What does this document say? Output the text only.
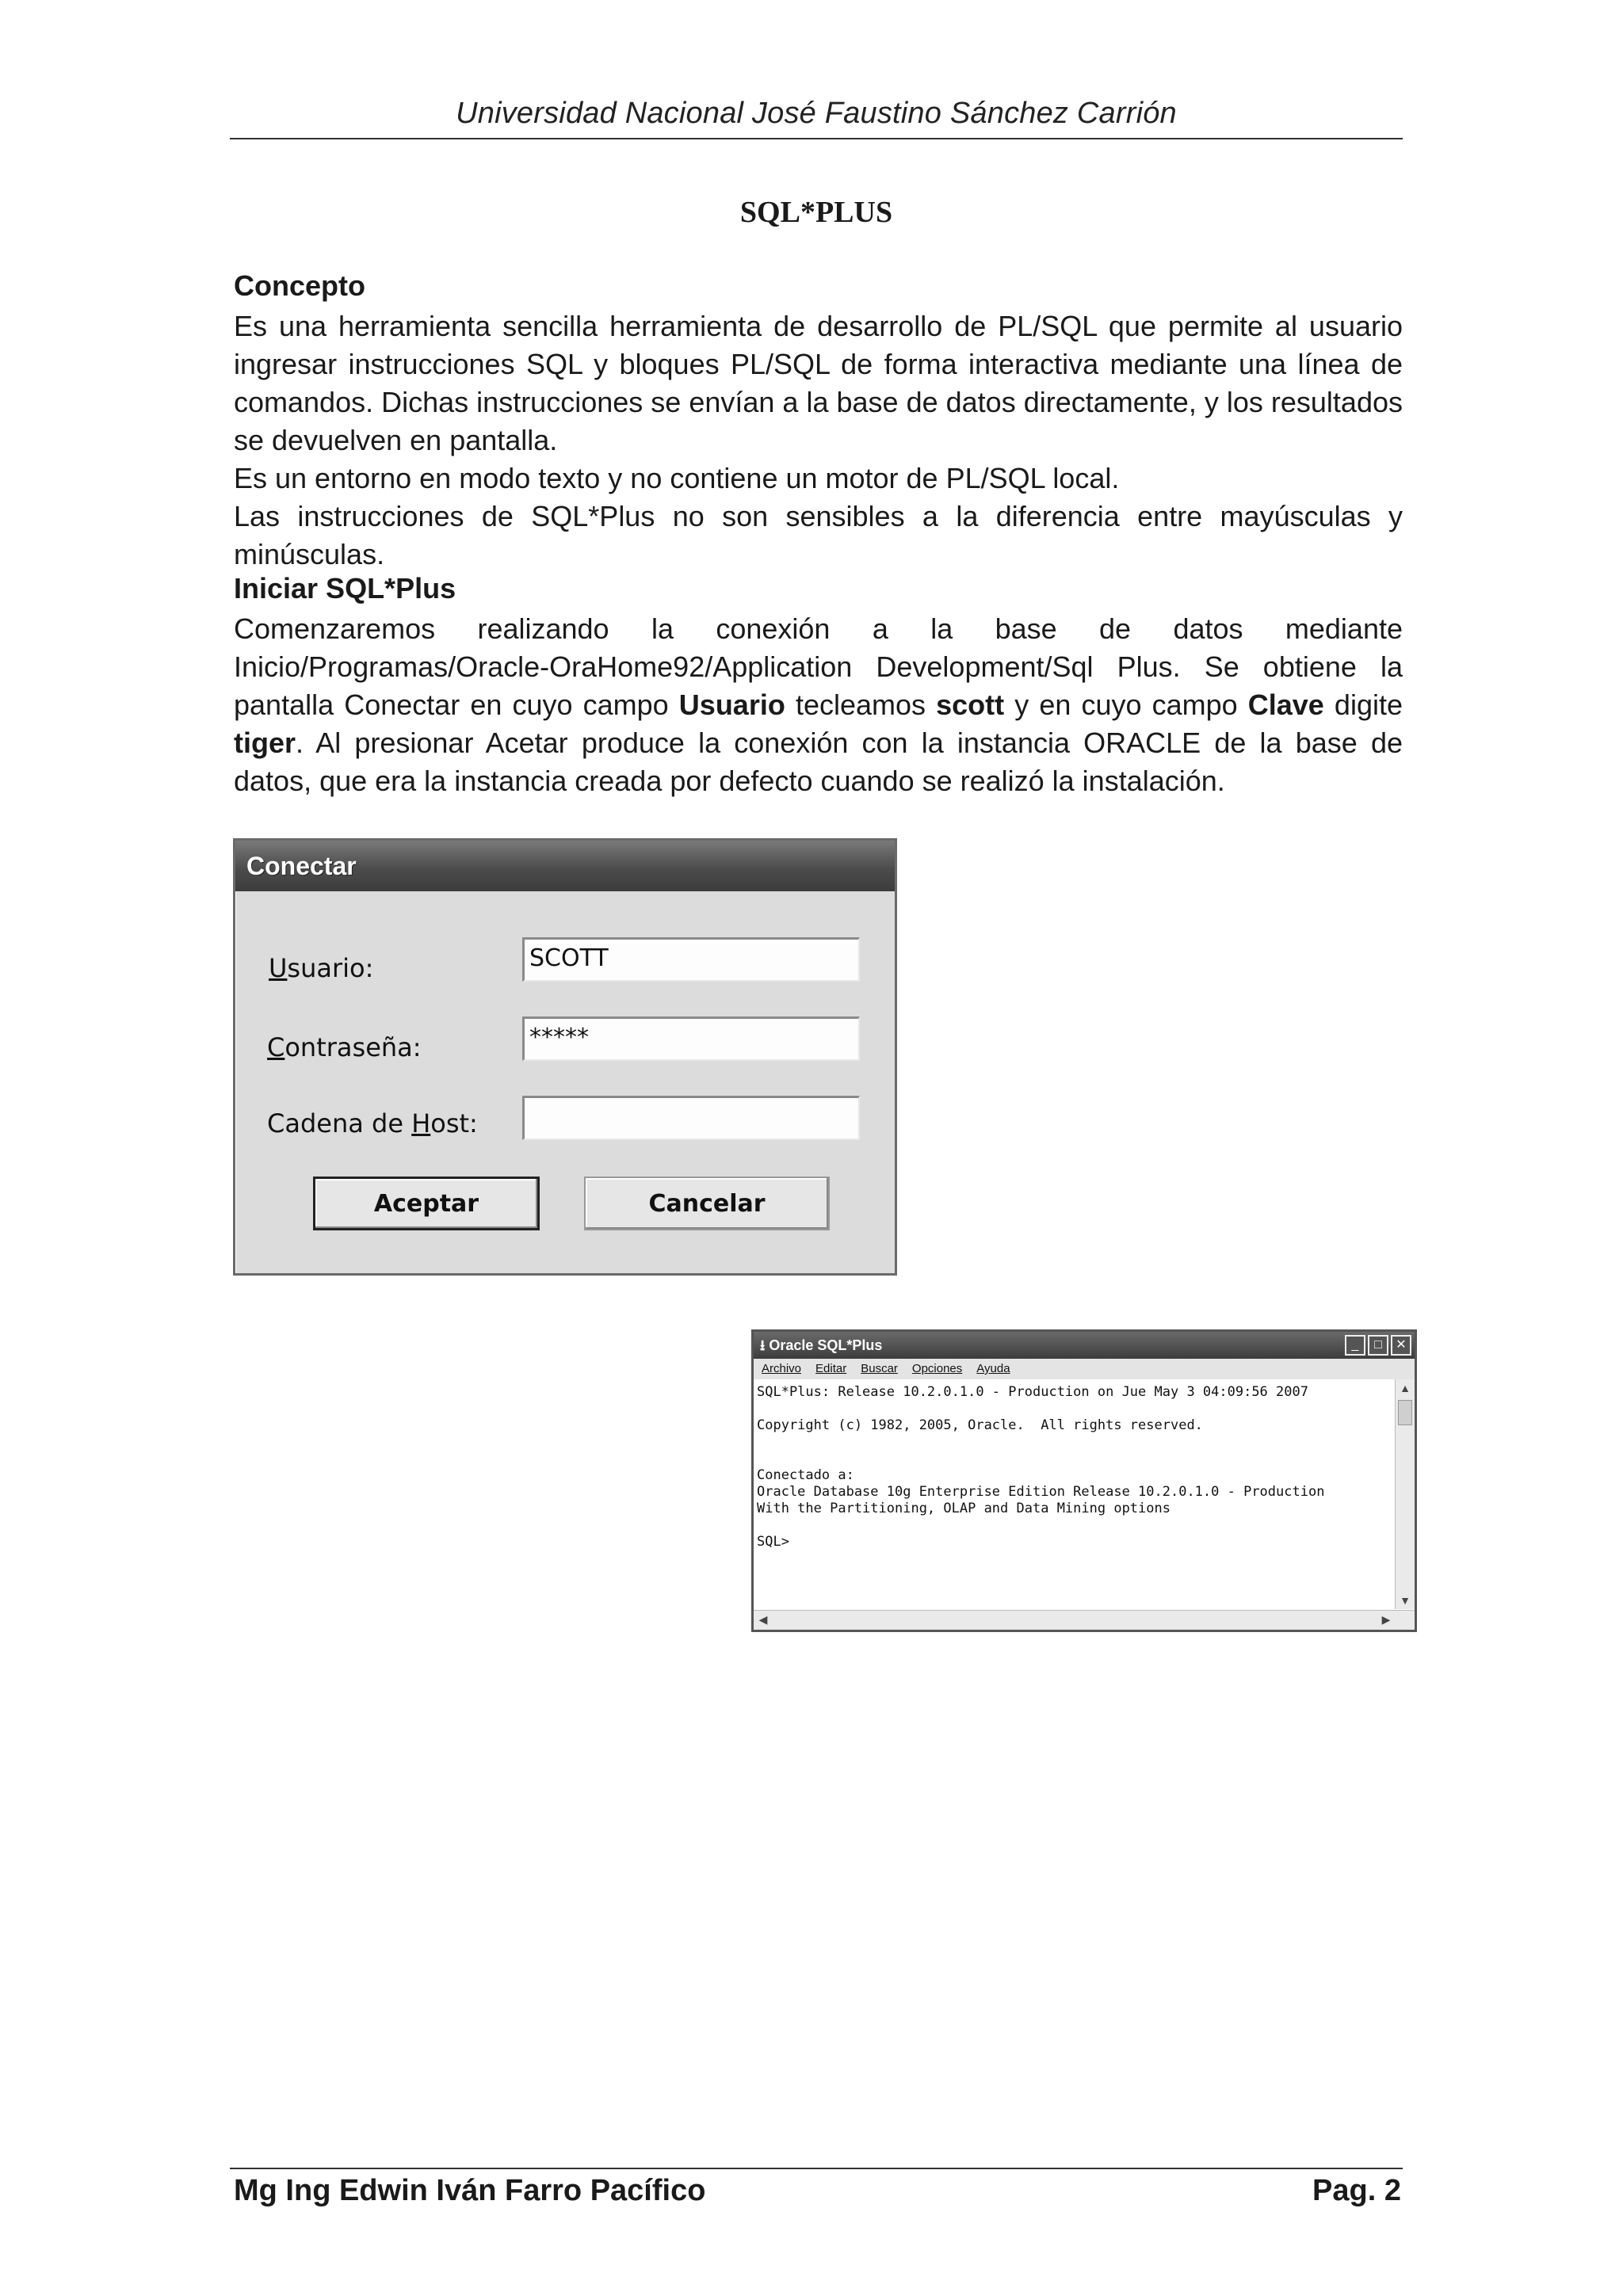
Universidad Nacional José Faustino Sánchez Carrión
SQL*PLUS
Concepto

Es una herramienta sencilla herramienta de desarrollo de PL/SQL que permite al usuario ingresar instrucciones SQL y bloques PL/SQL de forma interactiva mediante una línea de comandos. Dichas instrucciones se envían a la base de datos directamente, y los resultados se devuelven en pantalla.

Es un entorno en modo texto y no contiene un motor de PL/SQL local.

Las instrucciones de SQL*Plus no son sensibles a la diferencia entre mayúsculas y minúsculas.

Iniciar SQL*Plus

Comenzaremos realizando la conexión a la base de datos mediante Inicio/Programas/Oracle-OraHome92/Application Development/Sql Plus. Se obtiene la pantalla Conectar en cuyo campo Usuario tecleamos scott y en cuyo campo Clave digite tiger. Al presionar Acetar produce la conexión con la instancia ORACLE de la base de datos, que era la instancia creada por defecto cuando se realizó la instalación.

Conectar
Usuario:	SCOTT
Contraseña:	*****
Cadena de Host:
Aceptar	Cancelar
⭳ Oracle SQL*Plus	_	□	✕
Archivo Editar Buscar Opciones Ayuda
SQL*Plus: Release 10.2.0.1.0 - Production on Jue May 3 04:09:56 2007
Copyright (c) 1982, 2005, Oracle.  All rights reserved.
Conectado a:
Oracle Database 10g Enterprise Edition Release 10.2.0.1.0 - Production
With the Partitioning, OLAP and Data Mining options
SQL>
▲
▼
◀	▶
Mg Ing Edwin Iván Farro Pacífico	Pag. 2
